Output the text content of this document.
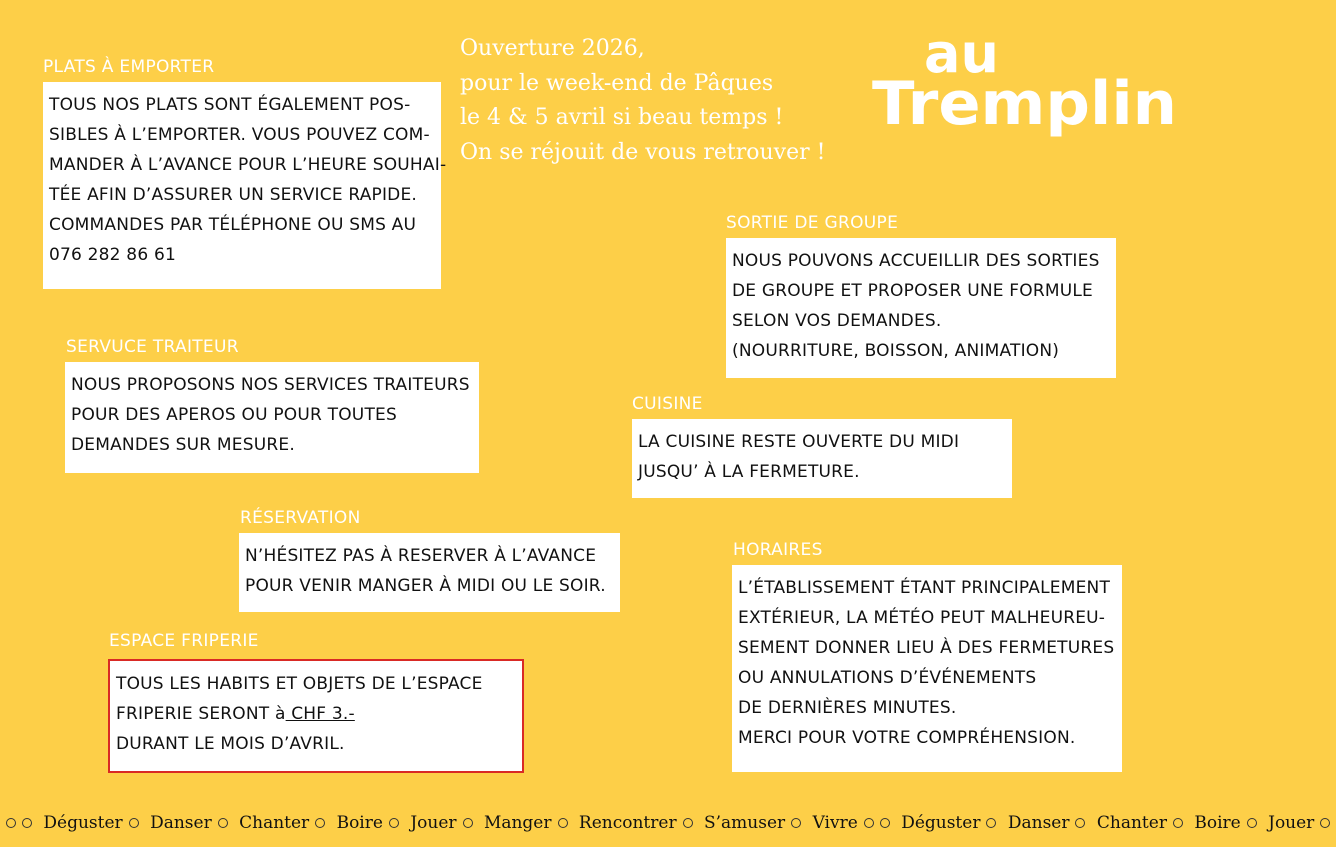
Ouverture 2026,
pour le week-end de Pâques
le 4 & 5 avril si beau temps !
On se réjouit de vous retrouver !
au
Tremplin
PLATS À EMPORTER
TOUS NOS PLATS SONT ÉGALEMENT POS-
SIBLES À L’EMPORTER. VOUS POUVEZ COM-
MANDER À L’AVANCE POUR L’HEURE SOUHAI-
TÉE AFIN D’ASSURER UN SERVICE RAPIDE.
COMMANDES PAR TÉLÉPHONE OU SMS AU
076 282 86 61
SORTIE DE GROUPE
NOUS POUVONS ACCUEILLIR DES SORTIES
DE GROUPE ET PROPOSER UNE FORMULE
SELON VOS DEMANDES.
(NOURRITURE, BOISSON, ANIMATION)
SERVUCE TRAITEUR
NOUS PROPOSONS NOS SERVICES TRAITEURS
POUR DES APEROS OU POUR TOUTES
DEMANDES SUR MESURE.
CUISINE
LA CUISINE RESTE OUVERTE DU MIDI
JUSQU’ À LA FERMETURE.
RÉSERVATION
N’HÉSITEZ PAS À RESERVER À L’AVANCE
POUR VENIR MANGER À MIDI OU LE SOIR.
HORAIRES
L’ÉTABLISSEMENT ÉTANT PRINCIPALEMENT
EXTÉRIEUR, LA MÉTÉO PEUT MALHEUREU-
SEMENT DONNER LIEU À DES FERMETURES
OU ANNULATIONS D’ÉVÉNEMENTS
DE DERNIÈRES MINUTES.
MERCI POUR VOTRE COMPRÉHENSION.
ESPACE FRIPERIE
TOUS LES HABITS ET OBJETS DE L’ESPACE
FRIPERIE SERONT à CHF 3.-
DURANT LE MOIS D’AVRIL.
Déguster Danser Chanter Boire Jouer Manger Rencontrer S’amuser Vivre	Déguster Danser Chanter Boire Jouer
